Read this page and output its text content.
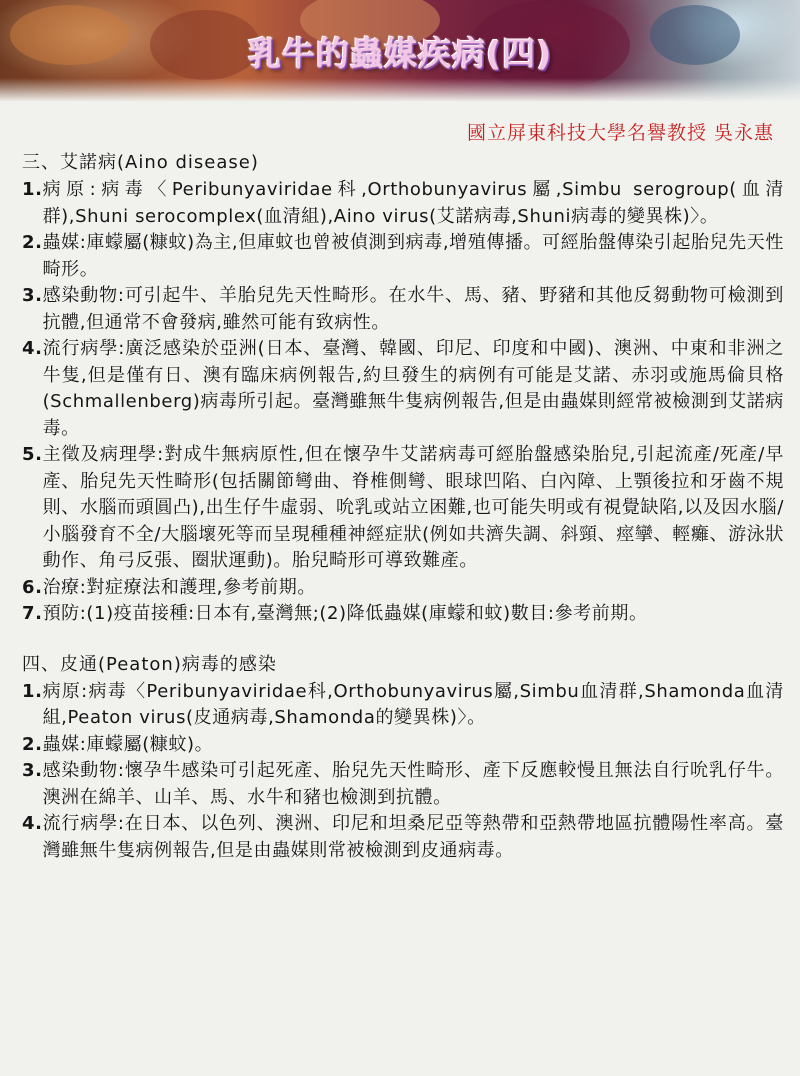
乳牛的蟲媒疾病(四)
國立屏東科技大學名譽教授 吳永惠
三、艾諾病(Aino disease)
1. 病原:病毒〈Peribunyaviridae科,Orthobunyavirus屬,Simbu serogroup(血清群),Shuni serocomplex(血清組),Aino virus(艾諾病毒,Shuni病毒的變異株)〉。
2. 蟲媒:庫蠓屬(糠蚊)為主,但庫蚊也曾被偵測到病毒,增殖傳播。可經胎盤傳染引起胎兒先天性畸形。
3. 感染動物:可引起牛、羊胎兒先天性畸形。在水牛、馬、豬、野豬和其他反芻動物可檢測到抗體,但通常不會發病,雖然可能有致病性。
4. 流行病學:廣泛感染於亞洲(日本、臺灣、韓國、印尼、印度和中國)、澳洲、中東和非洲之牛隻,但是僅有日、澳有臨床病例報告,約旦發生的病例有可能是艾諾、赤羽或施馬倫貝格(Schmallenberg)病毒所引起。臺灣雖無牛隻病例報告,但是由蟲媒則經常被檢測到艾諾病毒。
5. 主徵及病理學:對成牛無病原性,但在懷孕牛艾諾病毒可經胎盤感染胎兒,引起流產/死產/早產、胎兒先天性畸形(包括關節彎曲、脊椎側彎、眼球凹陷、白內障、上顎後拉和牙齒不規則、水腦而頭圓凸),出生仔牛虛弱、吮乳或站立困難,也可能失明或有視覺缺陷,以及因水腦/小腦發育不全/大腦壞死等而呈現種種神經症狀(例如共濟失調、斜頸、痙攣、輕癱、游泳狀動作、角弓反張、圈狀運動)。胎兒畸形可導致難產。
6. 治療:對症療法和護理,參考前期。
7. 預防:(1)疫苗接種:日本有,臺灣無;(2)降低蟲媒(庫蠓和蚊)數目:參考前期。
四、皮通(Peaton)病毒的感染
1. 病原:病毒〈Peribunyaviridae科,Orthobunyavirus屬,Simbu血清群,Shamonda血清組,Peaton virus(皮通病毒,Shamonda的變異株)〉。
2. 蟲媒:庫蠓屬(糠蚊)。
3. 感染動物:懷孕牛感染可引起死產、胎兒先天性畸形、產下反應較慢且無法自行吮乳仔牛。澳洲在綿羊、山羊、馬、水牛和豬也檢測到抗體。
4. 流行病學:在日本、以色列、澳洲、印尼和坦桑尼亞等熱帶和亞熱帶地區抗體陽性率高。臺灣雖無牛隻病例報告,但是由蟲媒則常被檢測到皮通病毒。
